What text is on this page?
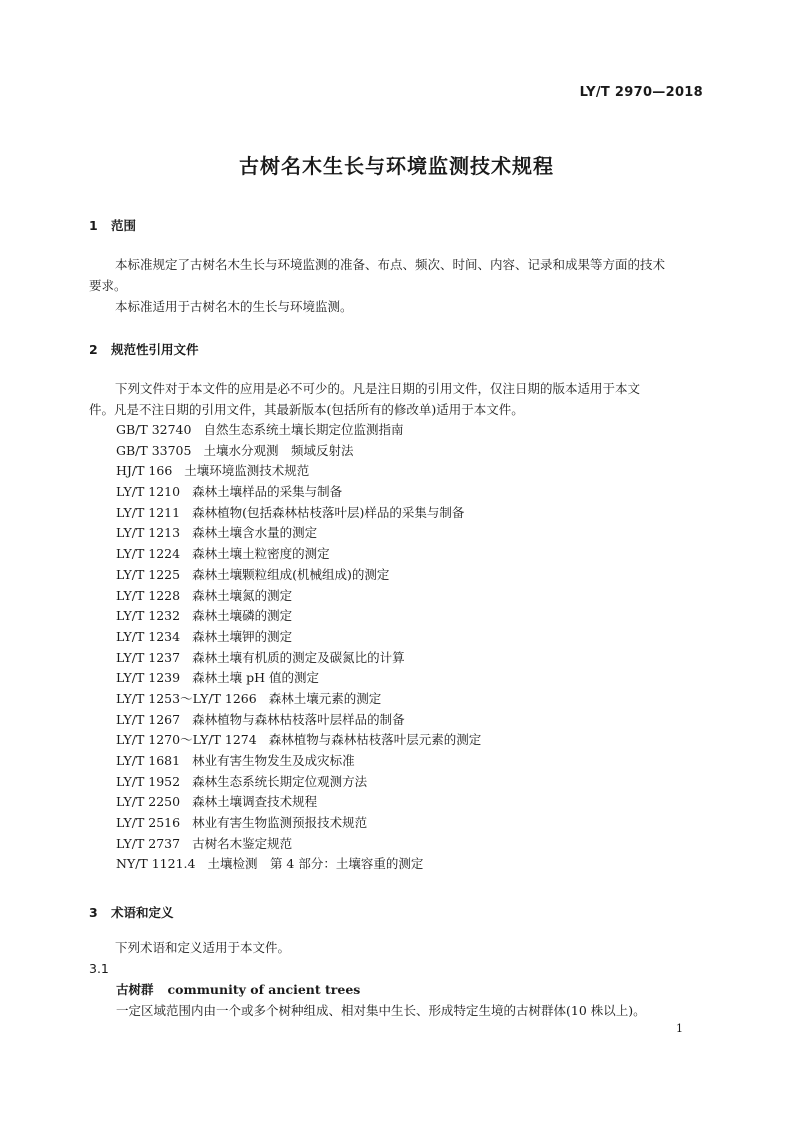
LY/T 2970—2018
古树名木生长与环境监测技术规程
1 范围
本标准规定了古树名木生长与环境监测的准备、布点、频次、时间、内容、记录和成果等方面的技术
要求。
本标准适用于古树名木的生长与环境监测。
2 规范性引用文件
下列文件对于本文件的应用是必不可少的。凡是注日期的引用文件，仅注日期的版本适用于本文
件。凡是不注日期的引用文件，其最新版本(包括所有的修改单)适用于本文件。
GB/T 32740 自然生态系统土壤长期定位监测指南
GB/T 33705 土壤水分观测　频域反射法
HJ/T 166 土壤环境监测技术规范
LY/T 1210 森林土壤样品的采集与制备
LY/T 1211 森林植物(包括森林枯枝落叶层)样品的采集与制备
LY/T 1213 森林土壤含水量的测定
LY/T 1224 森林土壤土粒密度的测定
LY/T 1225 森林土壤颗粒组成(机械组成)的测定
LY/T 1228 森林土壤氮的测定
LY/T 1232 森林土壤磷的测定
LY/T 1234 森林土壤钾的测定
LY/T 1237 森林土壤有机质的测定及碳氮比的计算
LY/T 1239 森林土壤 pH 值的测定
LY/T 1253～LY/T 1266 森林土壤元素的测定
LY/T 1267 森林植物与森林枯枝落叶层样品的制备
LY/T 1270～LY/T 1274 森林植物与森林枯枝落叶层元素的测定
LY/T 1681 林业有害生物发生及成灾标准
LY/T 1952 森林生态系统长期定位观测方法
LY/T 2250 森林土壤调查技术规程
LY/T 2516 林业有害生物监测预报技术规范
LY/T 2737 古树名木鉴定规范
NY/T 1121.4 土壤检测　第 4 部分：土壤容重的测定
3 术语和定义
下列术语和定义适用于本文件。
3.1
古树群 community of ancient trees
一定区域范围内由一个或多个树种组成、相对集中生长、形成特定生境的古树群体(10 株以上)。
1
